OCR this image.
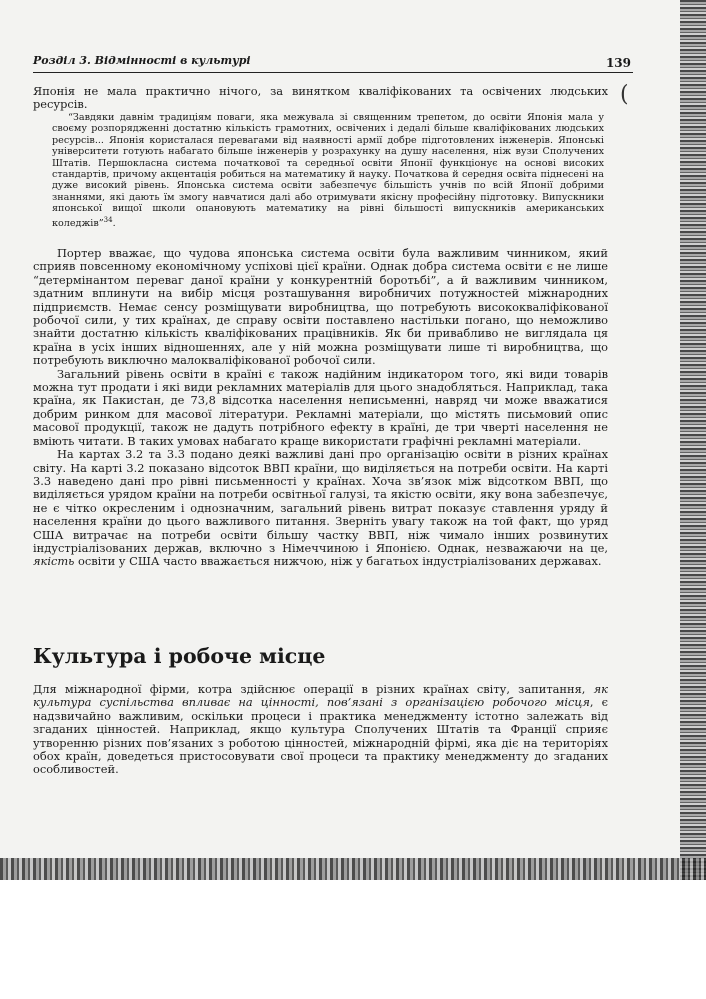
Розділ 3. Відмінності в культурі	139
(

Японія не мала практично нічого, за винятком кваліфікованих та освічених людських ресурсів.

“Завдяки давнім традиціям поваги, яка межувала зі священним трепетом, до освіти Японія мала у своєму розпорядженні достатню кількість грамотних, освічених і дедалі більше кваліфікованих людських ресурсів... Японія користалася перевагами від наявності армії добре підготовлених інженерів. Японські університети готують набагато більше інженерів у розрахунку на душу населення, ніж вузи Сполучених Штатів. Першокласна система початкової та середньої освіти Японії функціонує на основі високих стандартів, причому акцентація робиться на математику й науку. Початкова й середня освіта піднесені на дуже високий рівень. Японська система освіти забезпечує більшість учнів по всій Японії добрими знаннями, які дають їм змогу навчатися далі або отримувати якісну професійну підготовку. Випускники японської вищої школи опановують математику на рівні більшості випускників американських коледжів”$^{34}$.

Портер вважає, що чудова японська система освіти була важливим чинником, який сприяв повсенному економічному успіхові цієї країни. Однак добра система освіти є не лише “детермінантом переваг даної країни у конкурентній боротьбі”, а й важливим чинником, здатним вплинути на вибір місця розташування виробничих потужностей міжнародних підприємств. Немає сенсу розміщувати виробництва, що потребують висококваліфікованої робочої сили, у тих країнах, де справу освіти поставлено настільки погано, що неможливо знайти достатню кількість кваліфікованих працівників. Як би привабливо не виглядала ця країна в усіх інших відношеннях, але у ній можна розміщувати лише ті виробництва, що потребують виключно малокваліфікованої робочої сили.

Загальний рівень освіти в країні є також надійним індикатором того, які види товарів можна тут продати і які види рекламних матеріалів для цього знадобляться. Наприклад, така країна, як Пакистан, де 73,8 відсотка населення неписьменні, навряд чи може вважатися добрим ринком для масової літератури. Рекламні матеріали, що містять письмовий опис масової продукції, також не дадуть потрібного ефекту в країні, де три чверті населення не вміють читати. В таких умовах набагато краще використати графічні рекламні матеріали.

На картах 3.2 та 3.3 подано деякі важливі дані про організацію освіти в різних країнах світу. На карті 3.2 показано відсоток ВВП країни, що виділяється на потреби освіти. На карті 3.3 наведено дані про рівні письменності у країнах. Хоча зв’язок між відсотком ВВП, що виділяється урядом країни на потреби освітньої галузі, та якістю освіти, яку вона забезпечує, не є чітко окресленим і однозначним, загальний рівень витрат показує ставлення уряду й населення країни до цього важливого питання. Зверніть увагу також на той факт, що уряд США витрачає на потреби освіти більшу частку ВВП, ніж чимало інших розвинутих індустріалізованих держав, включно з Німеччиною і Японією. Однак, незважаючи на це, якість освіти у США часто вважається нижчою, ніж у багатьох індустріалізованих державах.

Культура і робоче місце

Для міжнародної фірми, котра здійснює операції в різних країнах світу, запитання, як культура суспільства впливає на цінності, пов’язані з організацією робочого місця, є надзвичайно важливим, оскільки процеси і практика менеджменту істотно залежать від згаданих цінностей. Наприклад, якщо культура Сполучених Штатів та Франції сприяє утворенню різних пов’язаних з роботою цінностей, міжнародній фірмі, яка діє на територіях обох країн, доведеться пристосовувати свої процеси та практику менеджменту до згаданих особливостей.
